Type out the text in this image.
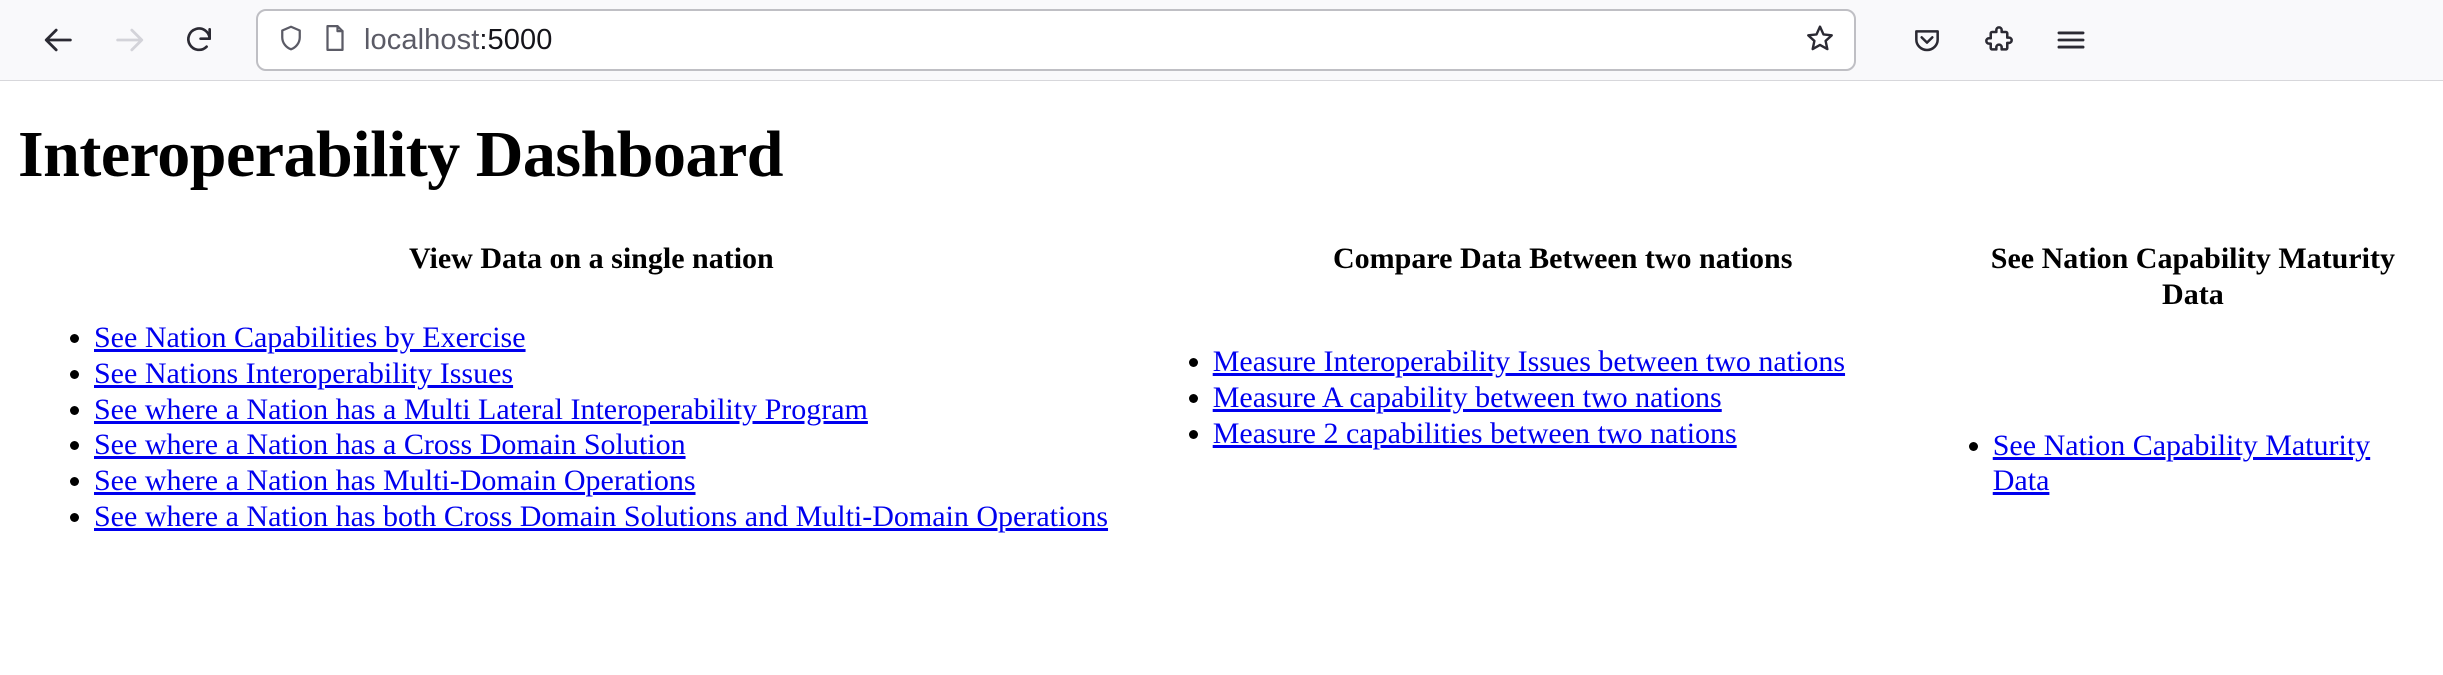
localhost:5000
Interoperability Dashboard
View Data on a single nation
• See Nation Capabilities by Exercise
• See Nations Interoperability Issues
• See where a Nation has a Multi Lateral Interoperability Program
• See where a Nation has a Cross Domain Solution
• See where a Nation has Multi-Domain Operations
• See where a Nation has both Cross Domain Solutions and Multi-Domain Operations
Compare Data Between two nations
• Measure Interoperability Issues between two nations
• Measure A capability between two nations
• Measure 2 capabilities between two nations
See Nation Capability Maturity Data
• See Nation Capability Maturity Data
